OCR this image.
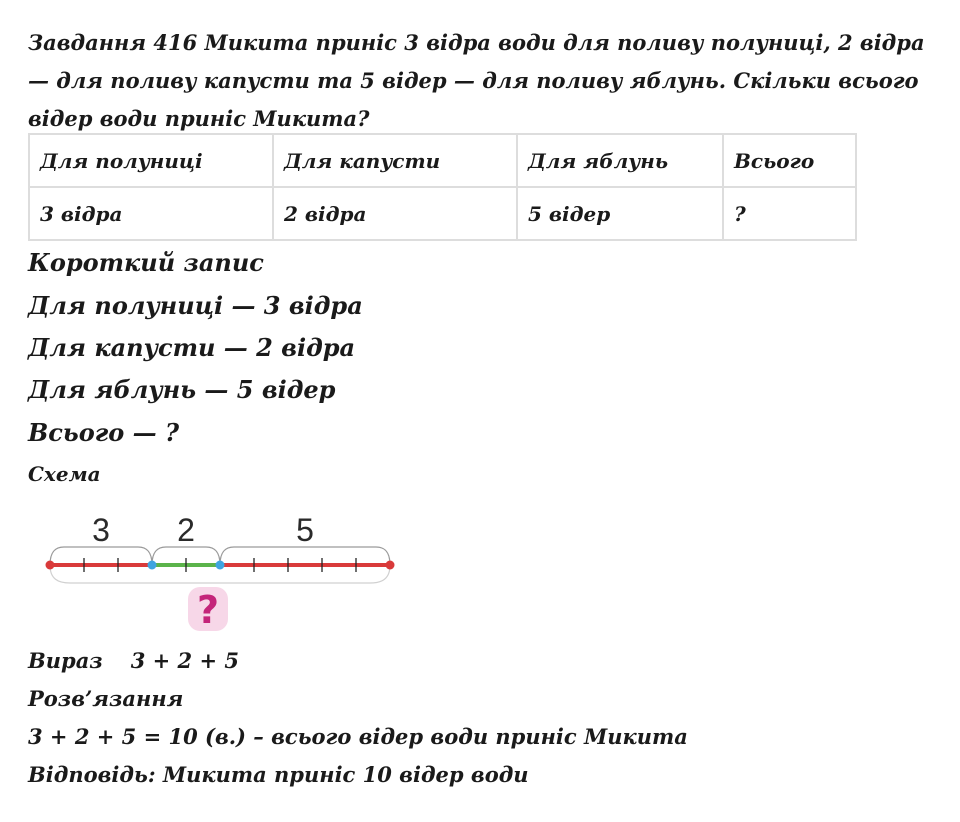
Завдання 416 Микита приніс 3 відра води для поливу полуниці, 2 відра — для поливу капусти та 5 відер — для поливу яблунь. Скільки всього відер води приніс Микита?
Для полуниці	Для капусти	Для яблунь	Всього
3 відра	2 відра	5 відер	?
Короткий запис
Для полуниці — 3 відра
Для капусти — 2 відра
Для яблунь — 5 відер
Всього — ?
Схема
3 2	5
?
Вираз 3 + 2 + 5
Розв’язання
3 + 2 + 5 = 10 (в.) – всього відер води приніс Микита
Відповідь: Микита приніс 10 відер води
